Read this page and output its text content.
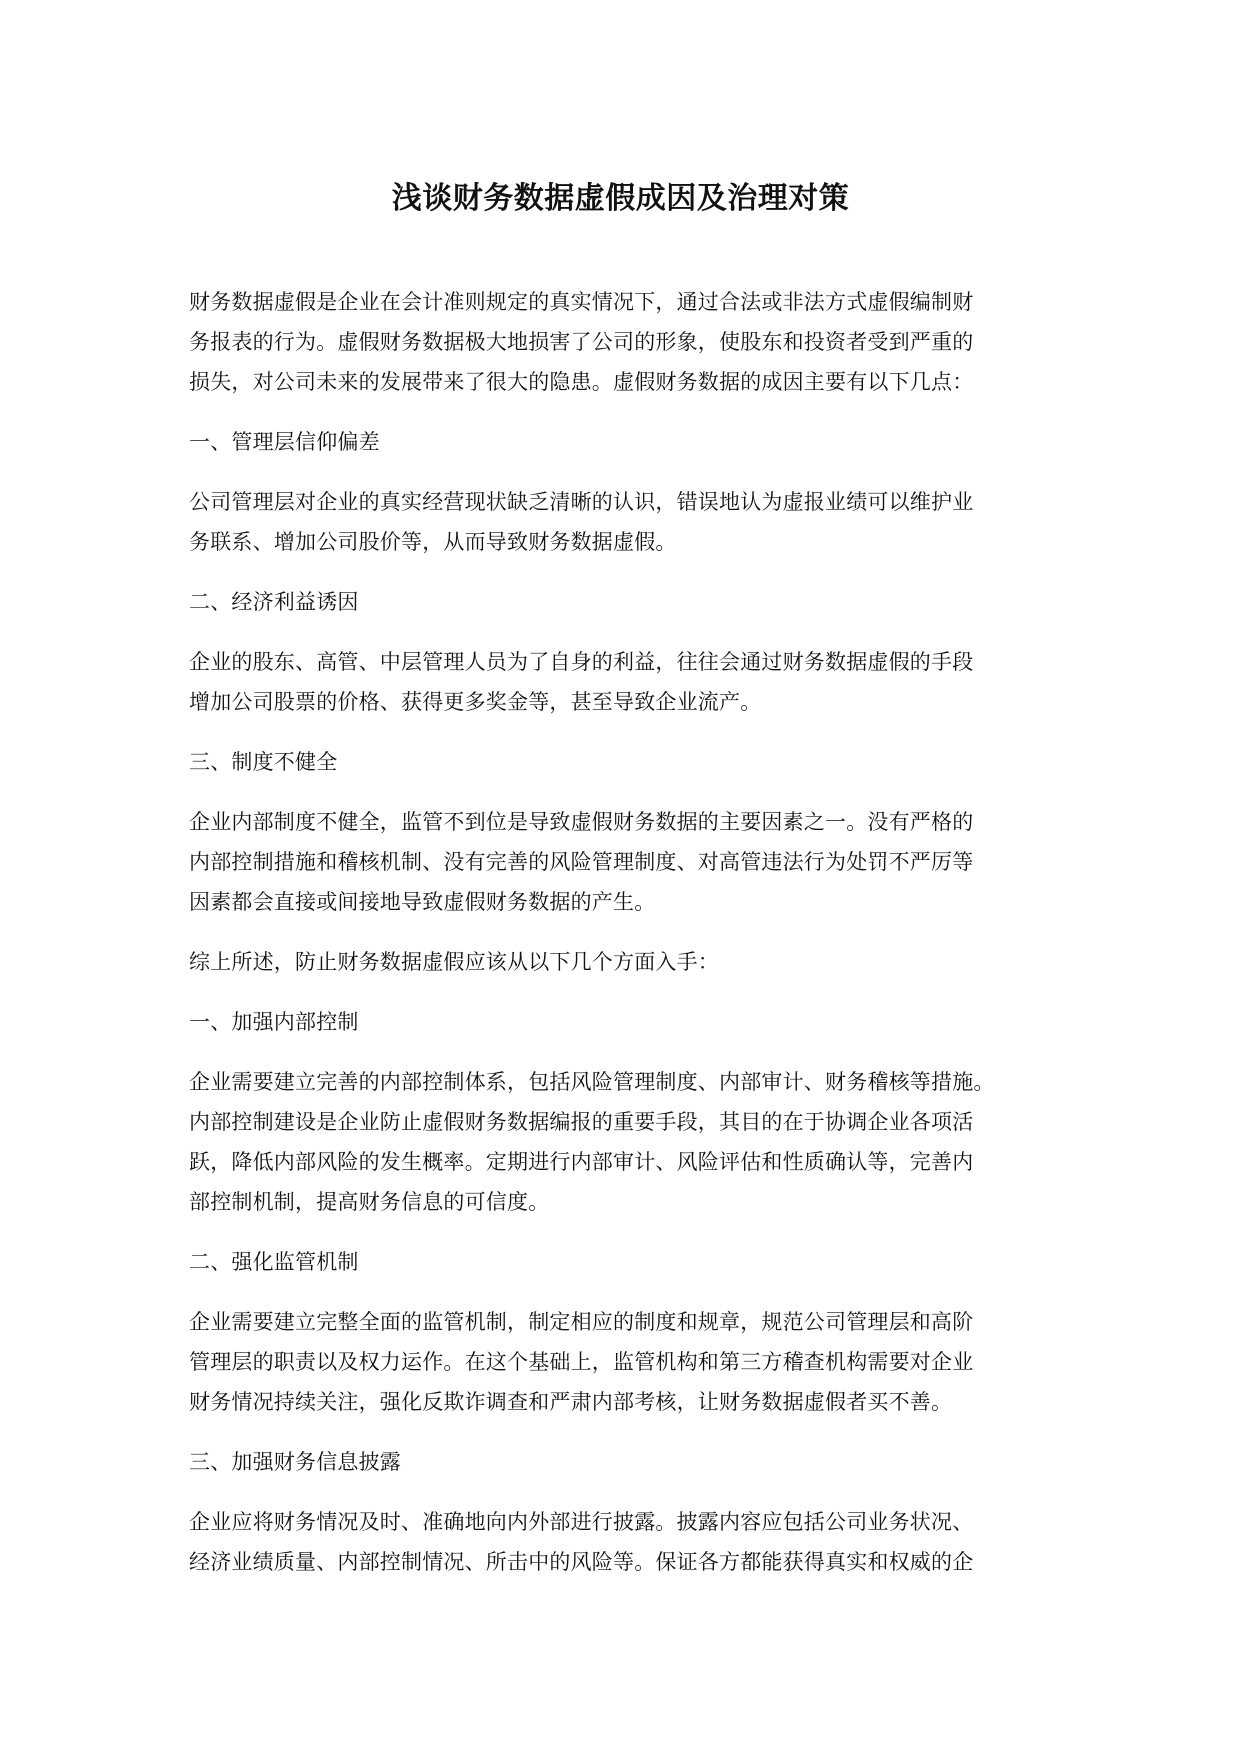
浅谈财务数据虚假成因及治理对策
财务数据虚假是企业在会计准则规定的真实情况下，通过合法或非法方式虚假编制财
务报表的行为。虚假财务数据极大地损害了公司的形象，使股东和投资者受到严重的
损失，对公司未来的发展带来了很大的隐患。虚假财务数据的成因主要有以下几点：
一、管理层信仰偏差
公司管理层对企业的真实经营现状缺乏清晰的认识，错误地认为虚报业绩可以维护业
务联系、增加公司股价等，从而导致财务数据虚假。
二、经济利益诱因
企业的股东、高管、中层管理人员为了自身的利益，往往会通过财务数据虚假的手段
增加公司股票的价格、获得更多奖金等，甚至导致企业流产。
三、制度不健全
企业内部制度不健全，监管不到位是导致虚假财务数据的主要因素之一。没有严格的
内部控制措施和稽核机制、没有完善的风险管理制度、对高管违法行为处罚不严厉等
因素都会直接或间接地导致虚假财务数据的产生。
综上所述，防止财务数据虚假应该从以下几个方面入手：
一、加强内部控制
企业需要建立完善的内部控制体系，包括风险管理制度、内部审计、财务稽核等措施。
内部控制建设是企业防止虚假财务数据编报的重要手段，其目的在于协调企业各项活
跃，降低内部风险的发生概率。定期进行内部审计、风险评估和性质确认等，完善内
部控制机制，提高财务信息的可信度。
二、强化监管机制
企业需要建立完整全面的监管机制，制定相应的制度和规章，规范公司管理层和高阶
管理层的职责以及权力运作。在这个基础上，监管机构和第三方稽查机构需要对企业
财务情况持续关注，强化反欺诈调查和严肃内部考核，让财务数据虚假者买不善。
三、加强财务信息披露
企业应将财务情况及时、准确地向内外部进行披露。披露内容应包括公司业务状况、
经济业绩质量、内部控制情况、所击中的风险等。保证各方都能获得真实和权威的企
